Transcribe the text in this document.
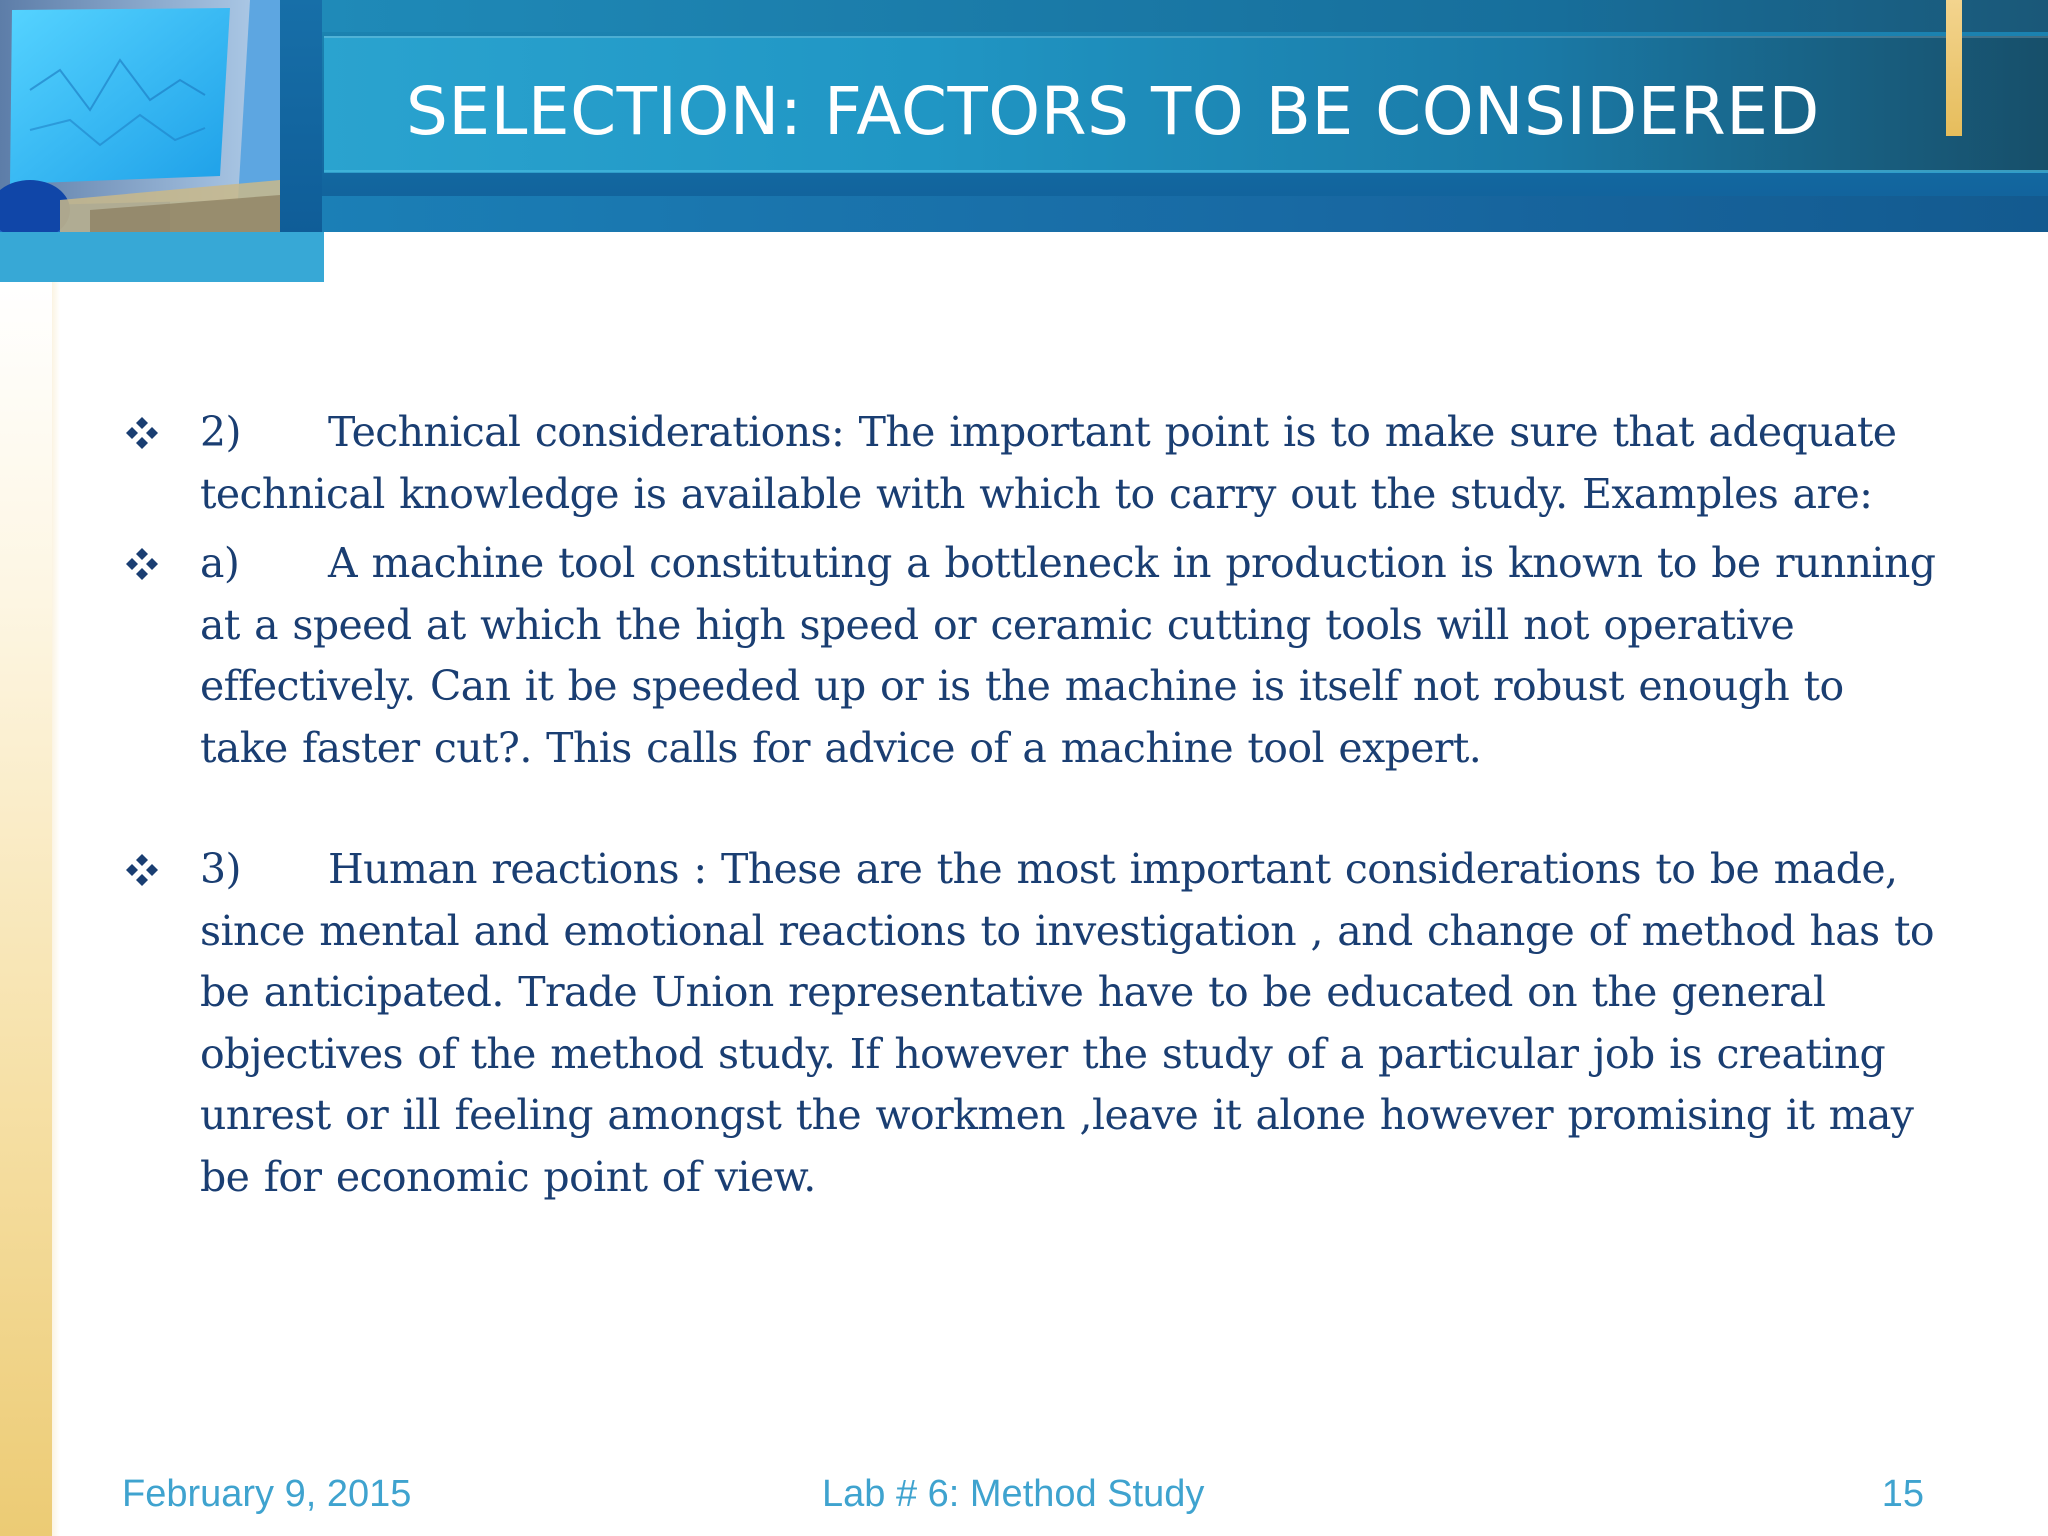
SELECTION: FACTORS TO BE CONSIDERED
2) Technical considerations: The important point is to make sure that adequate technical knowledge is available with which to carry out the study. Examples are:
a) A machine tool constituting a bottleneck in production is known to be running at a speed at which the high speed or ceramic cutting tools will not operative effectively. Can it be speeded up or is the machine is itself not robust enough to take faster cut?. This calls for advice of a machine tool expert.
3) Human reactions : These are the most important considerations to be made, since mental and emotional reactions to investigation , and change of method has to be anticipated. Trade Union representative have to be educated on the general objectives of the method study. If however the study of a particular job is creating unrest or ill feeling amongst the workmen ,leave it alone however promising it may be for economic point of view.
February 9, 2015	Lab # 6: Method Study	15
